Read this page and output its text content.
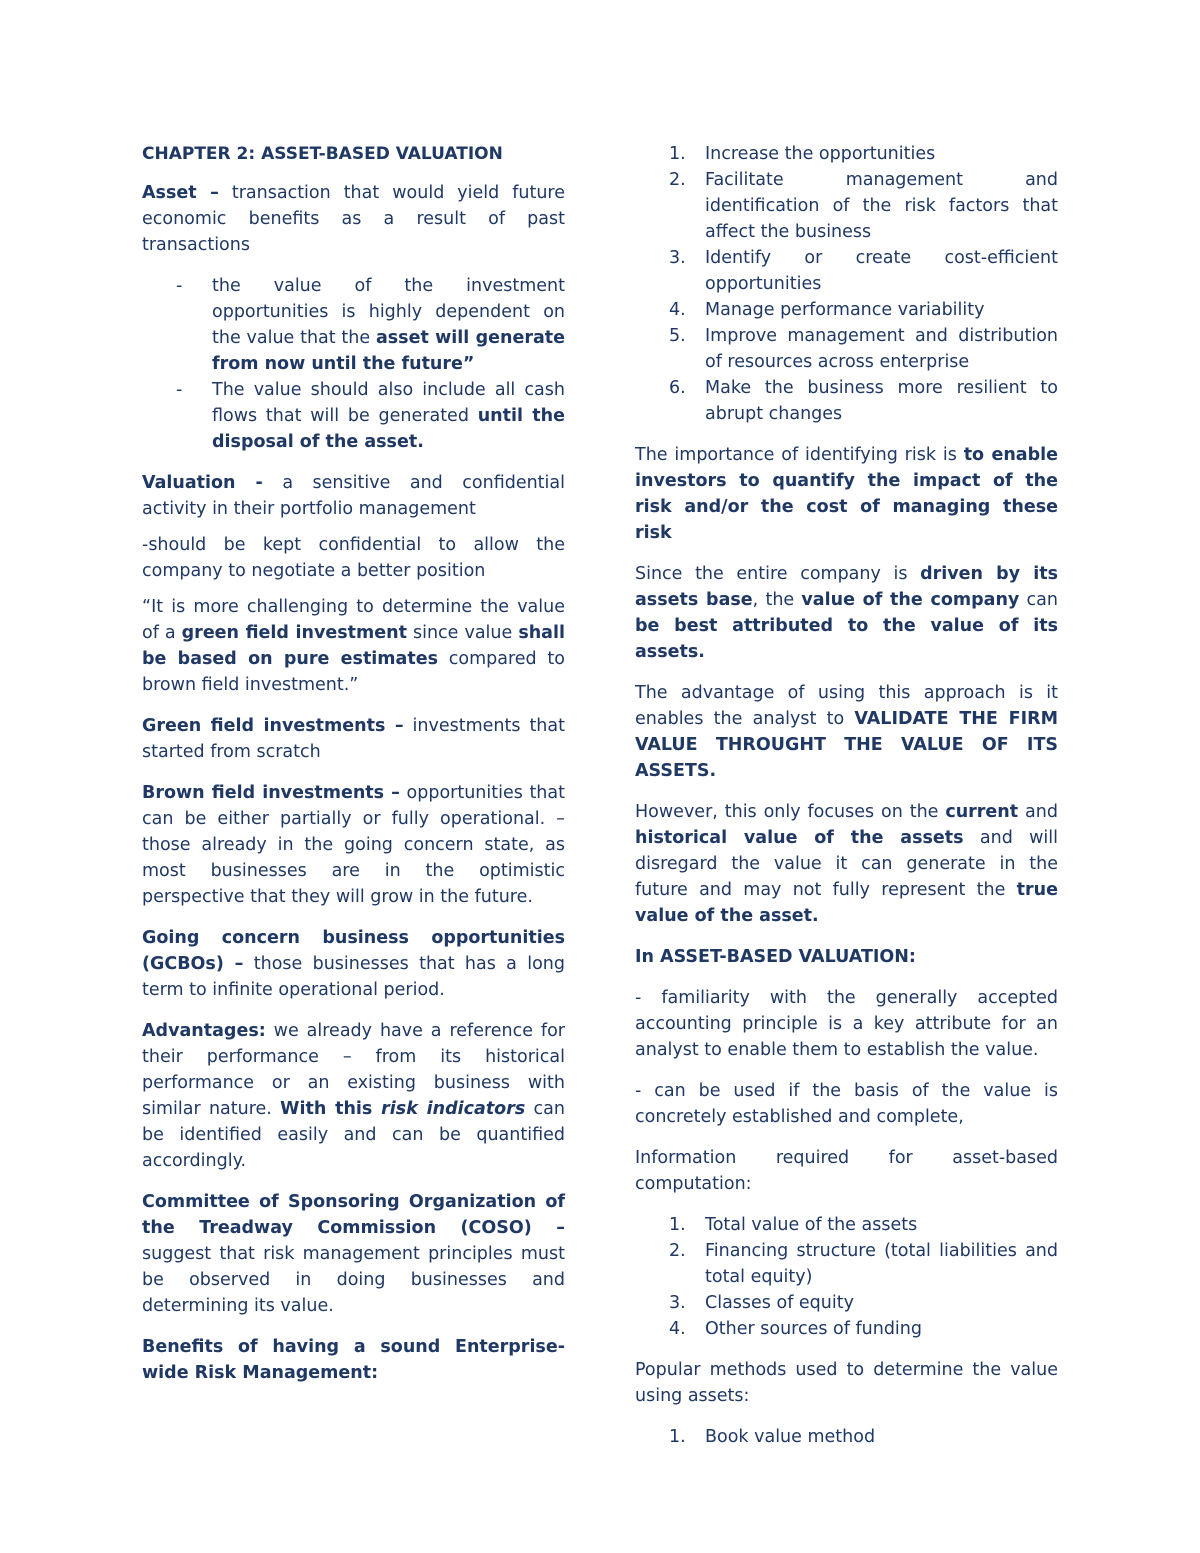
CHAPTER 2: ASSET-BASED VALUATION

Asset – transaction that would yield future economic benefits as a result of past transactions

- the value of the investment opportunities is highly dependent on the value that the asset will generate from now until the future”
- The value should also include all cash flows that will be generated until the disposal of the asset.

Valuation - a sensitive and confidential activity in their portfolio management

-should be kept confidential to allow the company to negotiate a better position

“It is more challenging to determine the value of a green field investment since value shall be based on pure estimates compared to brown field investment.”

Green field investments – investments that started from scratch

Brown field investments – opportunities that can be either partially or fully operational. – those already in the going concern state, as most businesses are in the optimistic perspective that they will grow in the future.

Going concern business opportunities (GCBOs) – those businesses that has a long term to infinite operational period.

Advantages: we already have a reference for their performance – from its historical performance or an existing business with similar nature. With this risk indicators can be identified easily and can be quantified accordingly.

Committee of Sponsoring Organization of the Treadway Commission (COSO) – suggest that risk management principles must be observed in doing businesses and determining its value.

Benefits of having a sound Enterprise-wide Risk Management:

1. Increase the opportunities
2. Facilitate management and identification of the risk factors that affect the business
3. Identify or create cost-efficient opportunities
4. Manage performance variability
5. Improve management and distribution of resources across enterprise
6. Make the business more resilient to abrupt changes

The importance of identifying risk is to enable investors to quantify the impact of the risk and/or the cost of managing these risk

Since the entire company is driven by its assets base, the value of the company can be best attributed to the value of its assets.

The advantage of using this approach is it enables the analyst to VALIDATE THE FIRM VALUE THROUGHT THE VALUE OF ITS ASSETS.

However, this only focuses on the current and historical value of the assets and will disregard the value it can generate in the future and may not fully represent the true value of the asset.

In ASSET-BASED VALUATION:

- familiarity with the generally accepted accounting principle is a key attribute for an analyst to enable them to establish the value.

- can be used if the basis of the value is concretely established and complete,

Information required for asset-based computation:

1. Total value of the assets
2. Financing structure (total liabilities and total equity)
3. Classes of equity
4. Other sources of funding

Popular methods used to determine the value using assets:

1. Book value method
